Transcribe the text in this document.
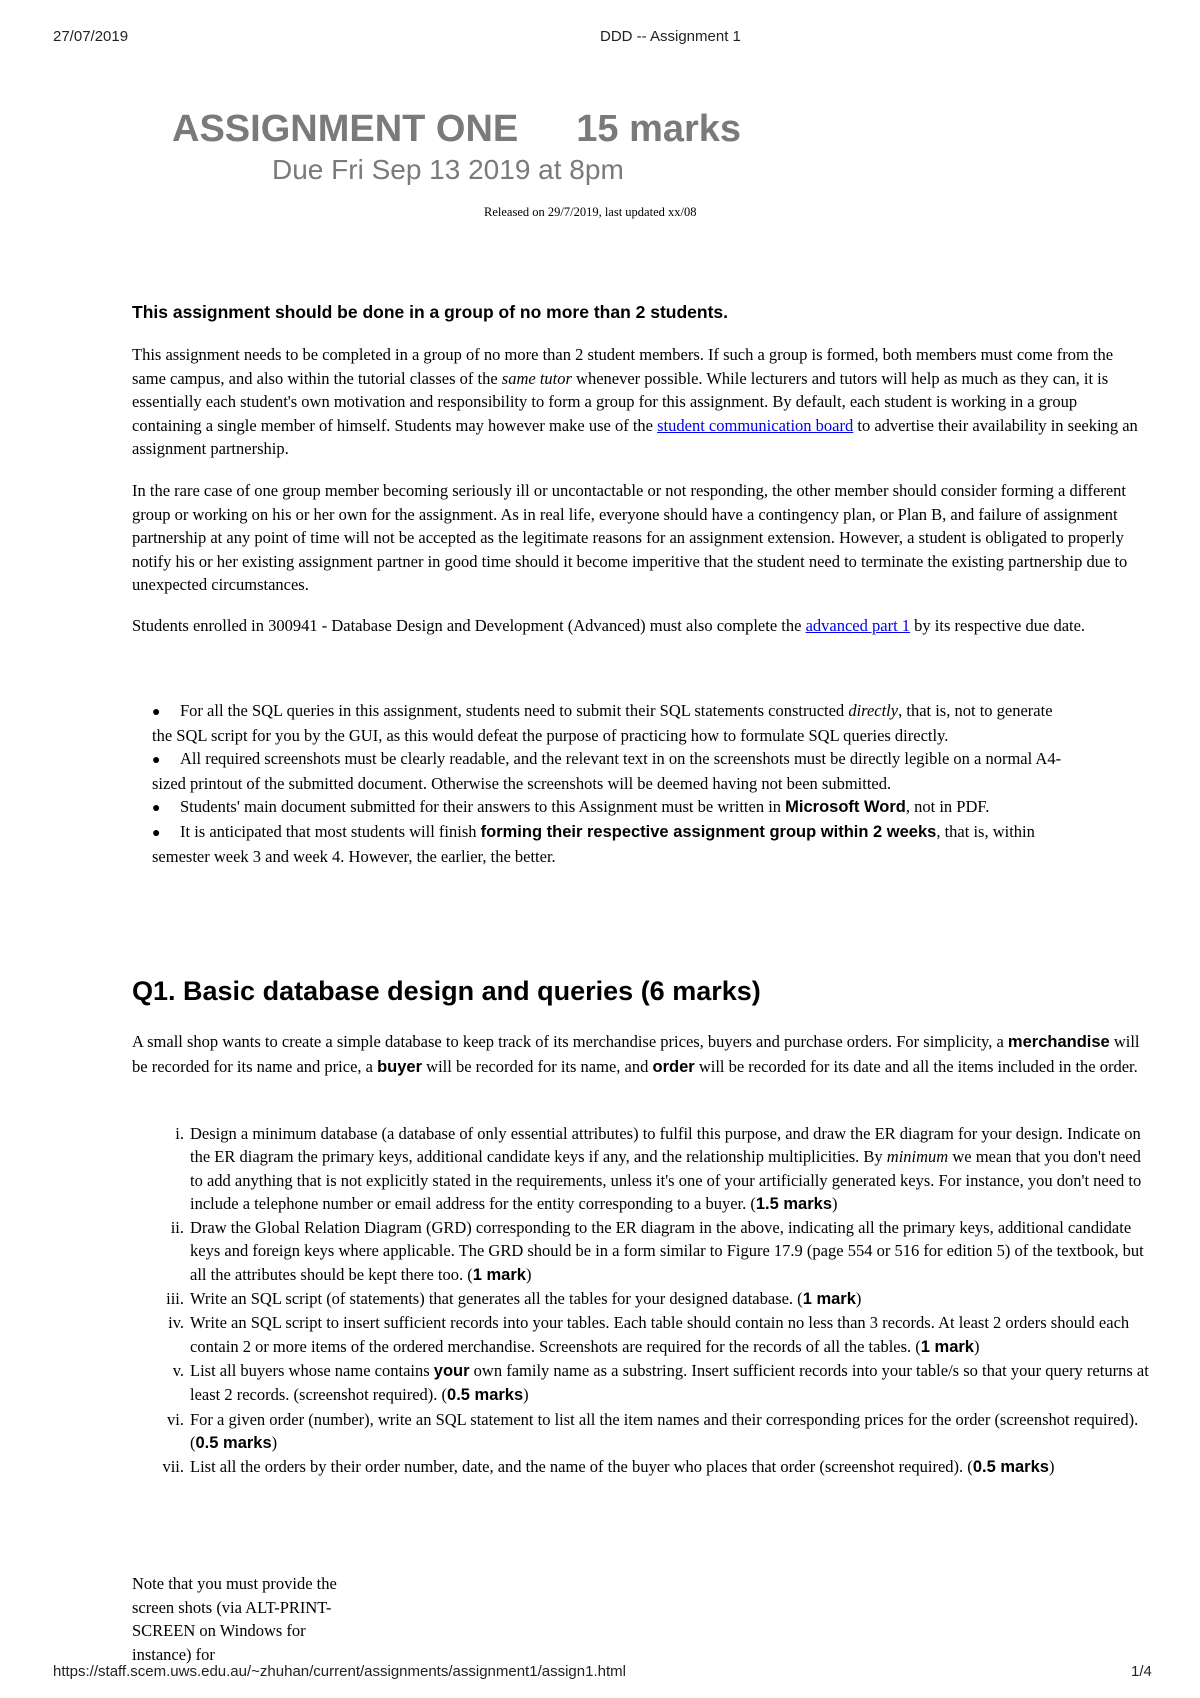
27/07/2019	DDD -- Assignment 1
ASSIGNMENT ONE 15 marks
Due Fri Sep 13 2019 at 8pm
Released on 29/7/2019, last updated xx/08
This assignment should be done in a group of no more than 2 students.

This assignment needs to be completed in a group of no more than 2 student members. If such a group is formed, both members must come from the same campus, and also within the tutorial classes of the same tutor whenever possible. While lecturers and tutors will help as much as they can, it is essentially each student's own motivation and responsibility to form a group for this assignment. By default, each student is working in a group containing a single member of himself. Students may however make use of the student communication board to advertise their availability in seeking an assignment partnership.

In the rare case of one group member becoming seriously ill or uncontactable or not responding, the other member should consider forming a different group or working on his or her own for the assignment. As in real life, everyone should have a contingency plan, or Plan B, and failure of assignment partnership at any point of time will not be accepted as the legitimate reasons for an assignment extension. However, a student is obligated to properly notify his or her existing assignment partner in good time should it become imperitive that the student need to terminate the existing partnership due to unexpected circumstances.

Students enrolled in 300941 - Database Design and Development (Advanced) must also complete the advanced part 1 by its respective due date.

● For all the SQL queries in this assignment, students need to submit their SQL statements constructed directly, that is, not to generate the SQL script for you by the GUI, as this would defeat the purpose of practicing how to formulate SQL queries directly.
● All required screenshots must be clearly readable, and the relevant text in on the screenshots must be directly legible on a normal A4-sized printout of the submitted document. Otherwise the screenshots will be deemed having not been submitted.
● Students' main document submitted for their answers to this Assignment must be written in Microsoft Word, not in PDF.
● It is anticipated that most students will finish forming their respective assignment group within 2 weeks, that is, within semester week 3 and week 4. However, the earlier, the better.
Q1. Basic database design and queries (6 marks)

A small shop wants to create a simple database to keep track of its merchandise prices, buyers and purchase orders. For simplicity, a merchandise will be recorded for its name and price, a buyer will be recorded for its name, and order will be recorded for its date and all the items included in the order.

i. Design a minimum database (a database of only essential attributes) to fulfil this purpose, and draw the ER diagram for your design. Indicate on the ER diagram the primary keys, additional candidate keys if any, and the relationship multiplicities. By minimum we mean that you don't need to add anything that is not explicitly stated in the requirements, unless it's one of your artificially generated keys. For instance, you don't need to include a telephone number or email address for the entity corresponding to a buyer. (1.5 marks)
ii. Draw the Global Relation Diagram (GRD) corresponding to the ER diagram in the above, indicating all the primary keys, additional candidate keys and foreign keys where applicable. The GRD should be in a form similar to Figure 17.9 (page 554 or 516 for edition 5) of the textbook, but all the attributes should be kept there too. (1 mark)
iii. Write an SQL script (of statements) that generates all the tables for your designed database. (1 mark)
iv. Write an SQL script to insert sufficient records into your tables. Each table should contain no less than 3 records. At least 2 orders should each contain 2 or more items of the ordered merchandise. Screenshots are required for the records of all the tables. (1 mark)
v. List all buyers whose name contains your own family name as a substring. Insert sufficient records into your table/s so that your query returns at least 2 records. (screenshot required). (0.5 marks)
vi. For a given order (number), write an SQL statement to list all the item names and their corresponding prices for the order (screenshot required). (0.5 marks)
vii. List all the orders by their order number, date, and the name of the buyer who places that order (screenshot required). (0.5 marks)
Note that you must provide the screen shots (via ALT-PRINT-SCREEN on Windows for instance) for
https://staff.scem.uws.edu.au/~zhuhan/current/assignments/assignment1/assign1.html	1/4
